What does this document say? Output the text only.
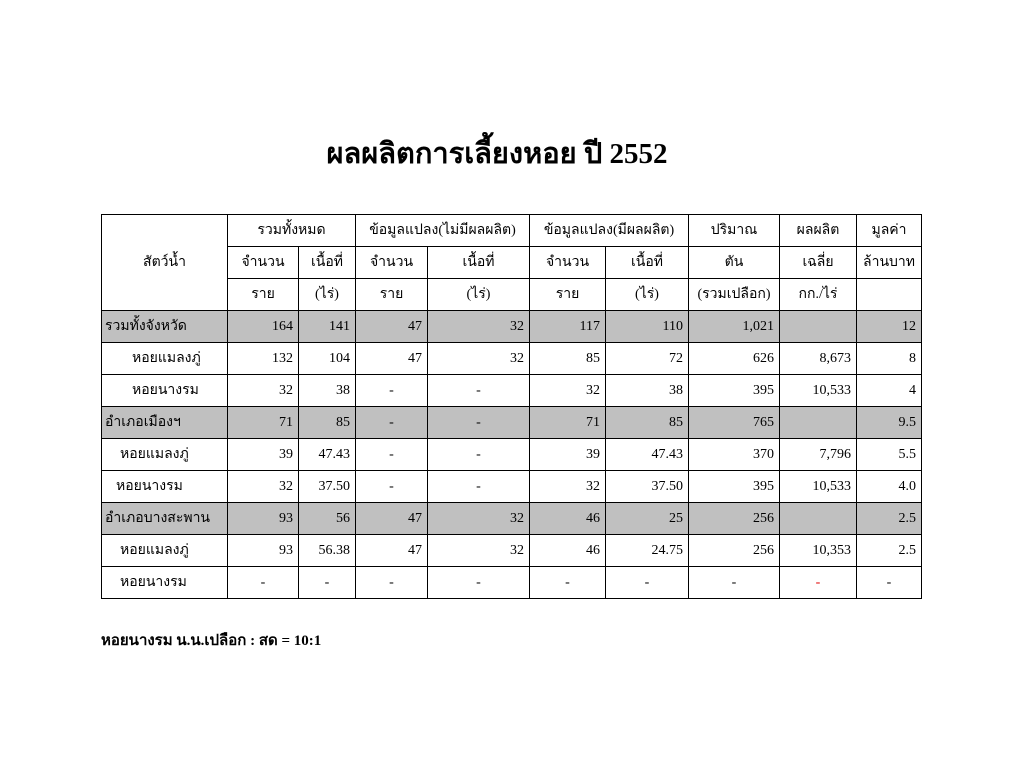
ผลผลิตการเลี้ยงหอย ปี 2552
สัตว์น้ำ	รวมทั้งหมด		ข้อมูลแปลง(ไม่มีผลผลิต)		ข้อมูลแปลง(มีผลผลิต)		ปริมาณ	ผลผลิต	มูลค่า
	จำนวน	เนื้อที่	จำนวน	เนื้อที่	จำนวน	เนื้อที่	ตัน	เฉลี่ย	ล้านบาท
	ราย	(ไร่)	ราย	(ไร่)	ราย	(ไร่)	(รวมเปลือก)	กก./ไร่	
รวมทั้งจังหวัด	164	141	47	32	117	110	1,021		12
หอยแมลงภู่	132	104	47	32	85	72	626	8,673	8
หอยนางรม	32	38	-	-	32	38	395	10,533	4
อำเภอเมืองฯ	71	85	-	-	71	85	765		9.5
หอยแมลงภู่	39	47.43	-	-	39	47.43	370	7,796	5.5
หอยนางรม	32	37.50	-	-	32	37.50	395	10,533	4.0
อำเภอบางสะพาน	93	56	47	32	46	25	256		2.5
หอยแมลงภู่	93	56.38	47	32	46	24.75	256	10,353	2.5
หอยนางรม	-	-	-	-	-	-	-	-	-
หอยนางรม น.น.เปลือก : สด = 10:1
